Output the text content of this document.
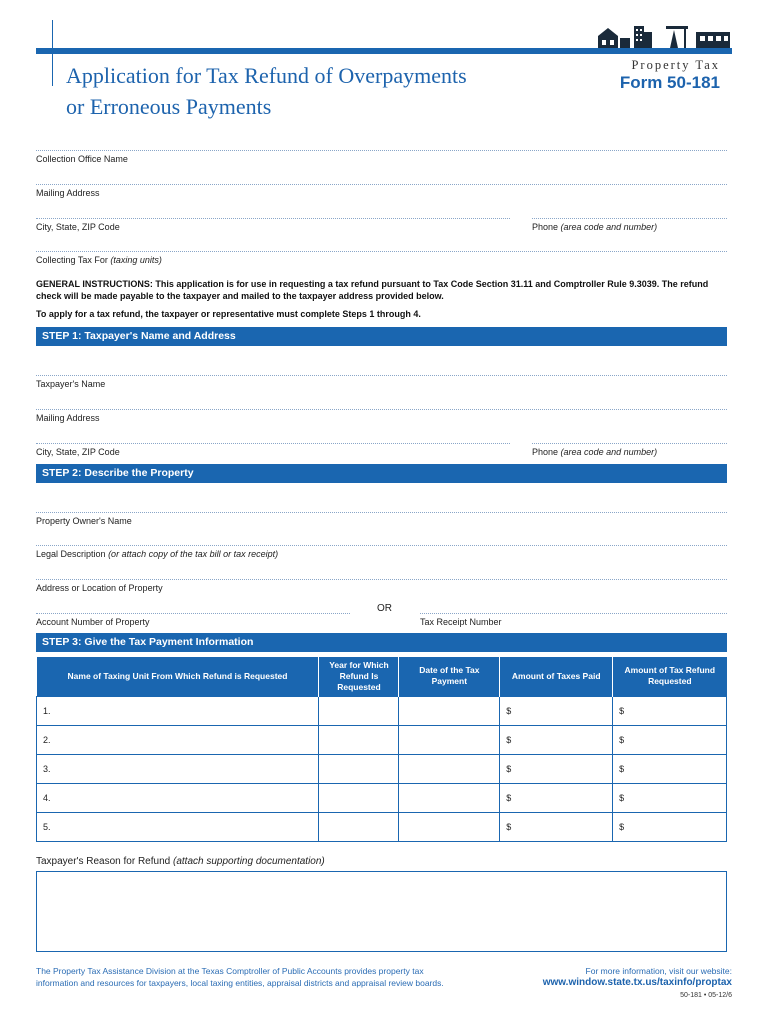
Application for Tax Refund of Overpayments
or Erroneous Payments
Property Tax
Form 50-181
Collection Office Name
Mailing Address
City, State, ZIP Code	Phone (area code and number)
Collecting Tax For (taxing units)
GENERAL INSTRUCTIONS: This application is for use in requesting a tax refund pursuant to Tax Code Section 31.11 and Comptroller Rule 9.3039. The refund check will be made payable to the taxpayer and mailed to the taxpayer address provided below.
To apply for a tax refund, the taxpayer or representative must complete Steps 1 through 4.
STEP 1: Taxpayer's Name and Address
Taxpayer's Name
Mailing Address
City, State, ZIP Code	Phone (area code and number)
STEP 2: Describe the Property
Property Owner's Name
Legal Description (or attach copy of the tax bill or tax receipt)
Address or Location of Property
OR
Account Number of Property	Tax Receipt Number
STEP 3: Give the Tax Payment Information
Name of Taxing Unit From Which Refund is Requested	Year for Which Refund Is Requested	Date of the Tax Payment	Amount of Taxes Paid	Amount of Tax Refund Requested
1.			$	$
2.			$	$
3.			$	$
4.			$	$
5.			$	$
Taxpayer's Reason for Refund (attach supporting documentation)
The Property Tax Assistance Division at the Texas Comptroller of Public Accounts provides property tax
information and resources for taxpayers, local taxing entities, appraisal districts and appraisal review boards.
For more information, visit our website:
www.window.state.tx.us/taxinfo/proptax
50-181 • 05-12/6
